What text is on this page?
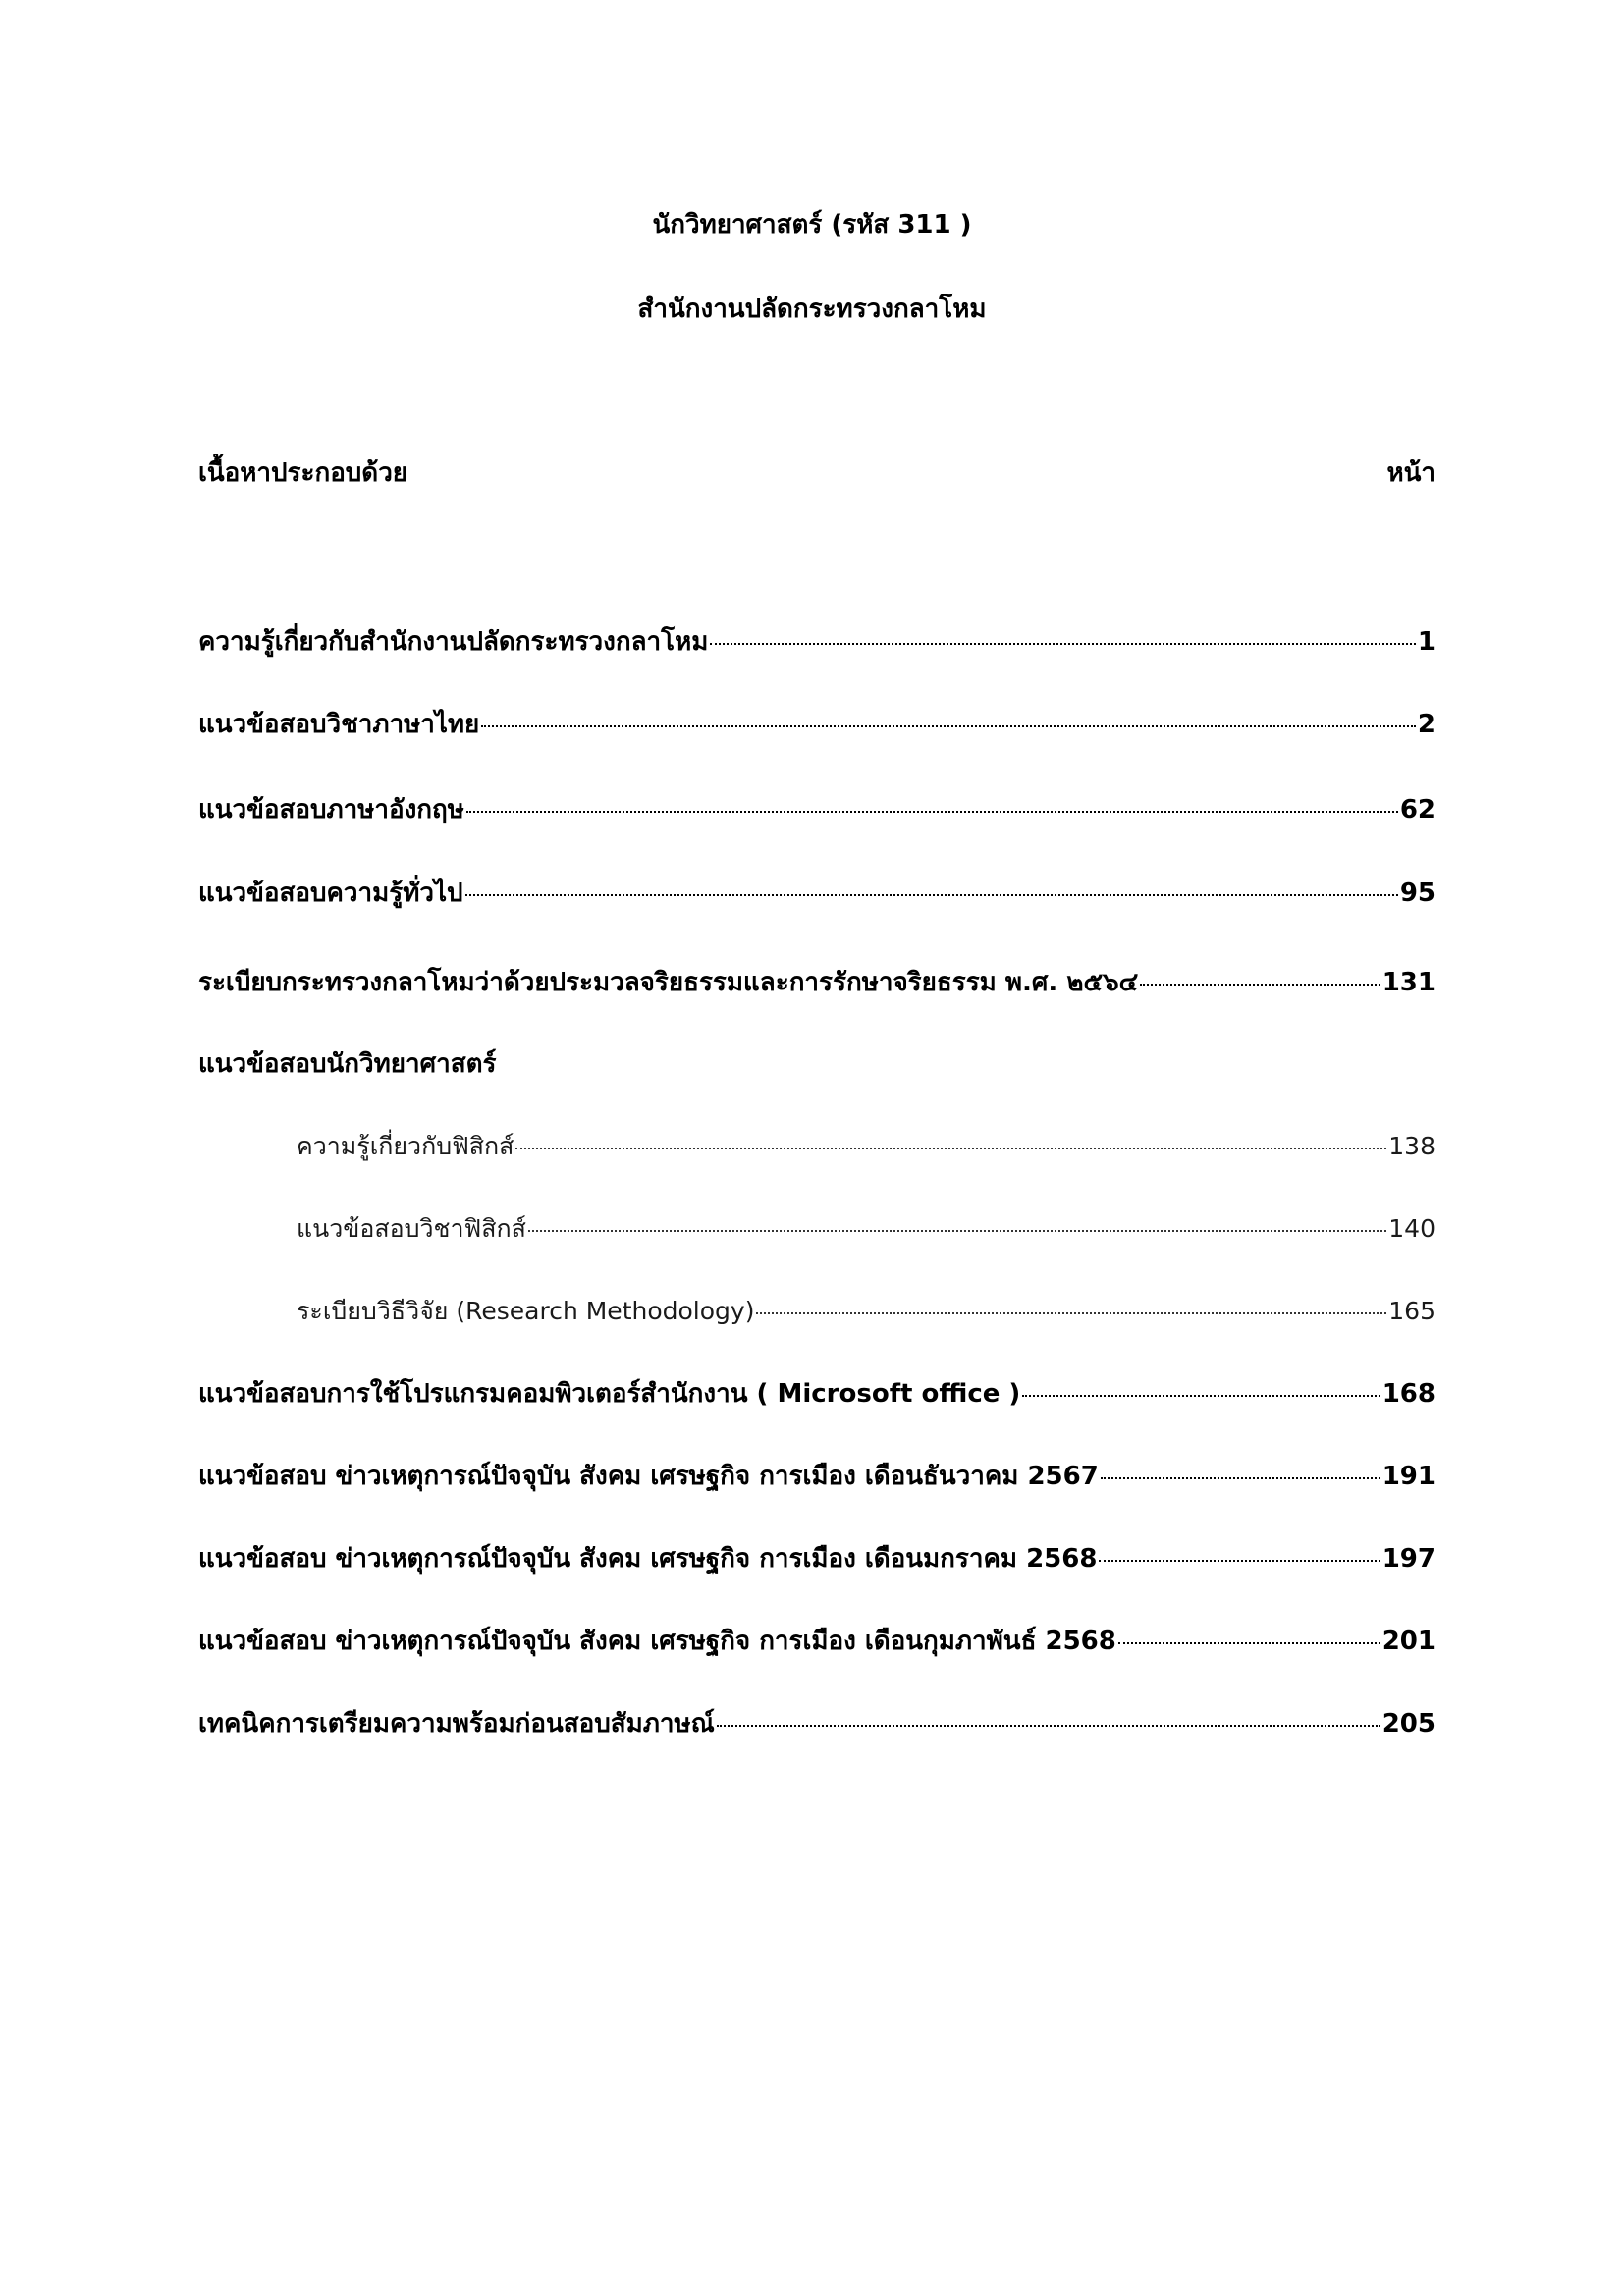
นักวิทยาศาสตร์ (รหัส 311 )
สำนักงานปลัดกระทรวงกลาโหม
เนื้อหาประกอบด้วย	หน้า
ความรู้เกี่ยวกับสำนักงานปลัดกระทรวงกลาโหม	1
แนวข้อสอบวิชาภาษาไทย	2
แนวข้อสอบภาษาอังกฤษ	62
แนวข้อสอบความรู้ทั่วไป	95
ระเบียบกระทรวงกลาโหมว่าด้วยประมวลจริยธรรมและการรักษาจริยธรรม พ.ศ. ๒๕๖๔	131
แนวข้อสอบนักวิทยาศาสตร์
ความรู้เกี่ยวกับฟิสิกส์	138
แนวข้อสอบวิชาฟิสิกส์	140
ระเบียบวิธีวิจัย (Research Methodology)	165
แนวข้อสอบการใช้โปรแกรมคอมพิวเตอร์สำนักงาน ( Microsoft office )	168
แนวข้อสอบ ข่าวเหตุการณ์ปัจจุบัน สังคม เศรษฐกิจ การเมือง เดือนธันวาคม 2567	191
แนวข้อสอบ ข่าวเหตุการณ์ปัจจุบัน สังคม เศรษฐกิจ การเมือง เดือนมกราคม 2568	197
แนวข้อสอบ ข่าวเหตุการณ์ปัจจุบัน สังคม เศรษฐกิจ การเมือง เดือนกุมภาพันธ์ 2568	201
เทคนิคการเตรียมความพร้อมก่อนสอบสัมภาษณ์	205
